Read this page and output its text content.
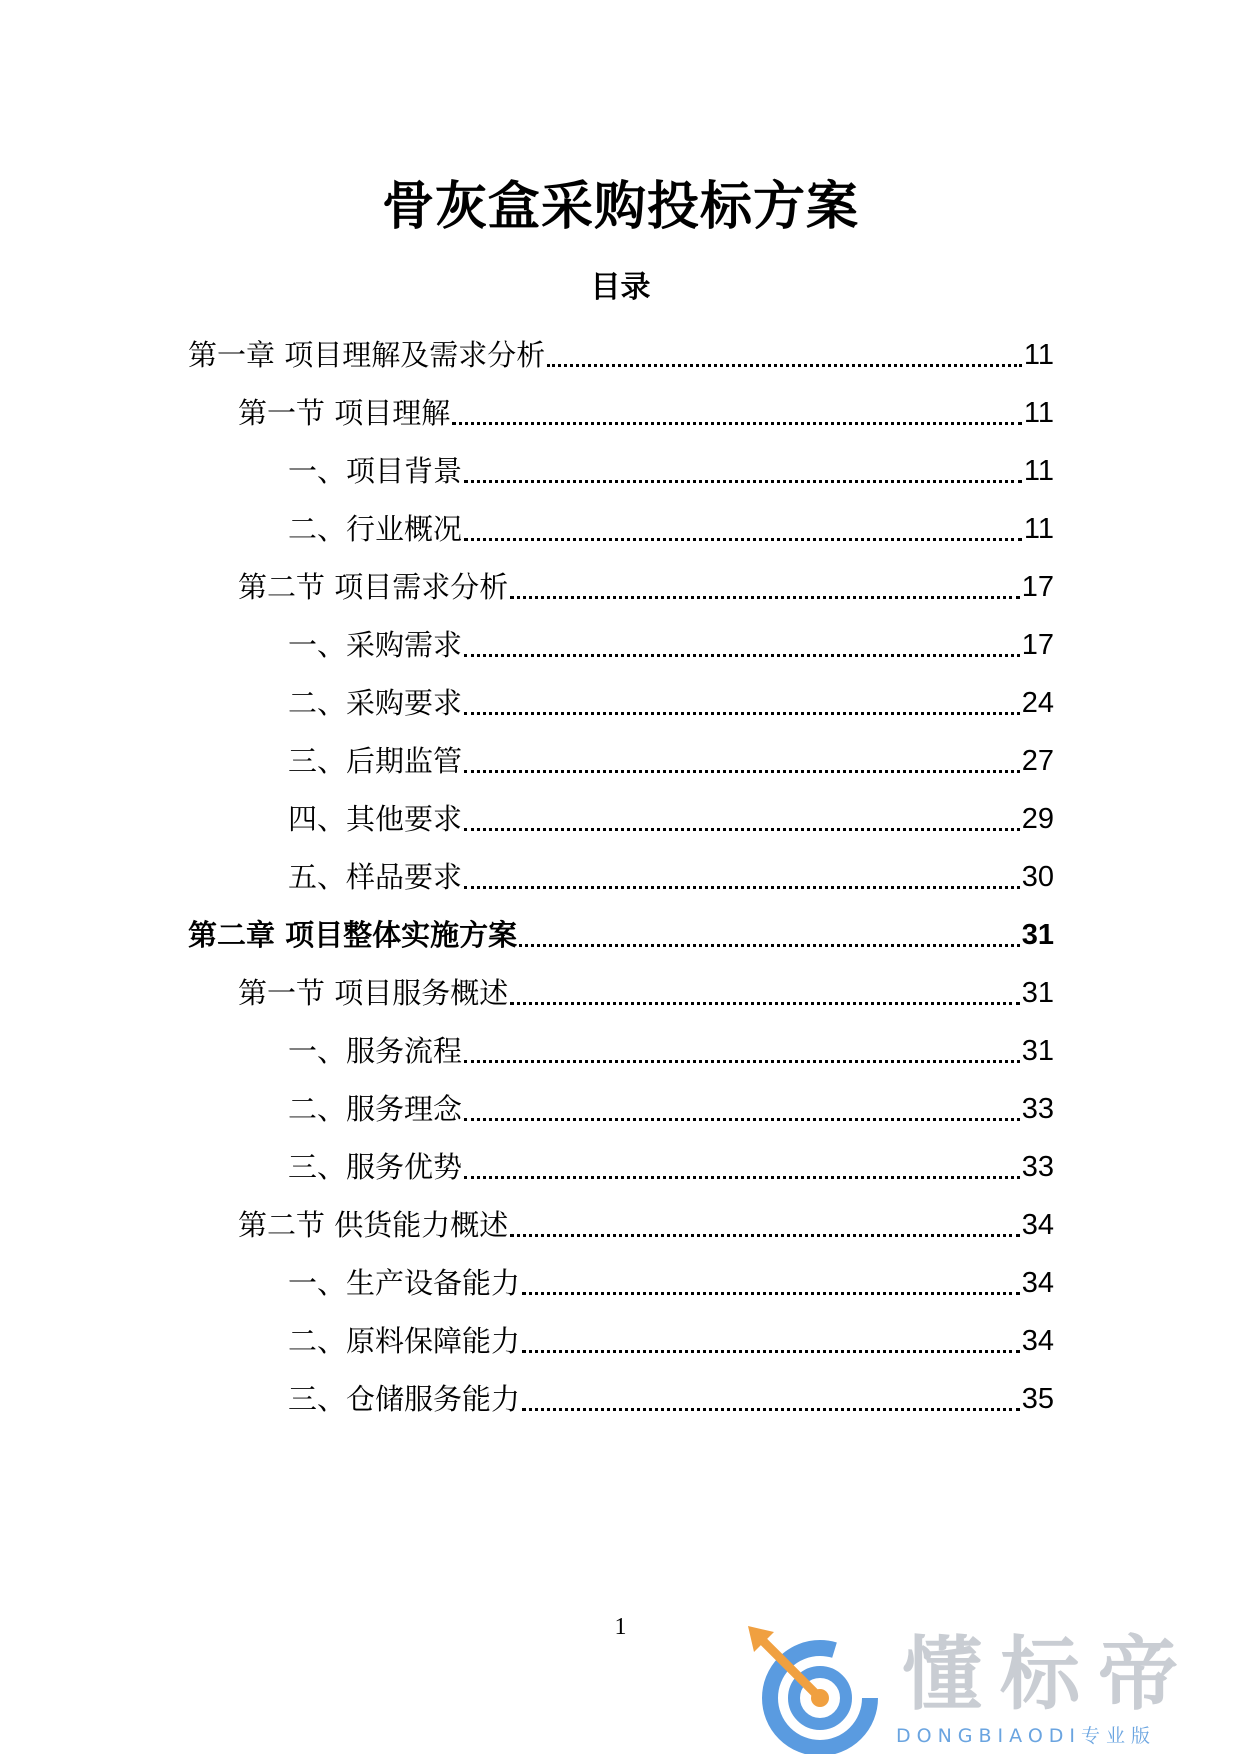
骨灰盒采购投标方案
目录
第一章 项目理解及需求分析	11
第一节 项目理解	11
一、项目背景	11
二、行业概况	11
第二节 项目需求分析	17
一、采购需求	17
二、采购要求	24
三、后期监管	27
四、其他要求	29
五、样品要求	30
第二章 项目整体实施方案	31
第一节 项目服务概述	31
一、服务流程	31
二、服务理念	33
三、服务优势	33
第二节 供货能力概述	34
一、生产设备能力	34
二、原料保障能力	34
三、仓储服务能力	35
1
懂标帝
DONGBIAODI专业版
